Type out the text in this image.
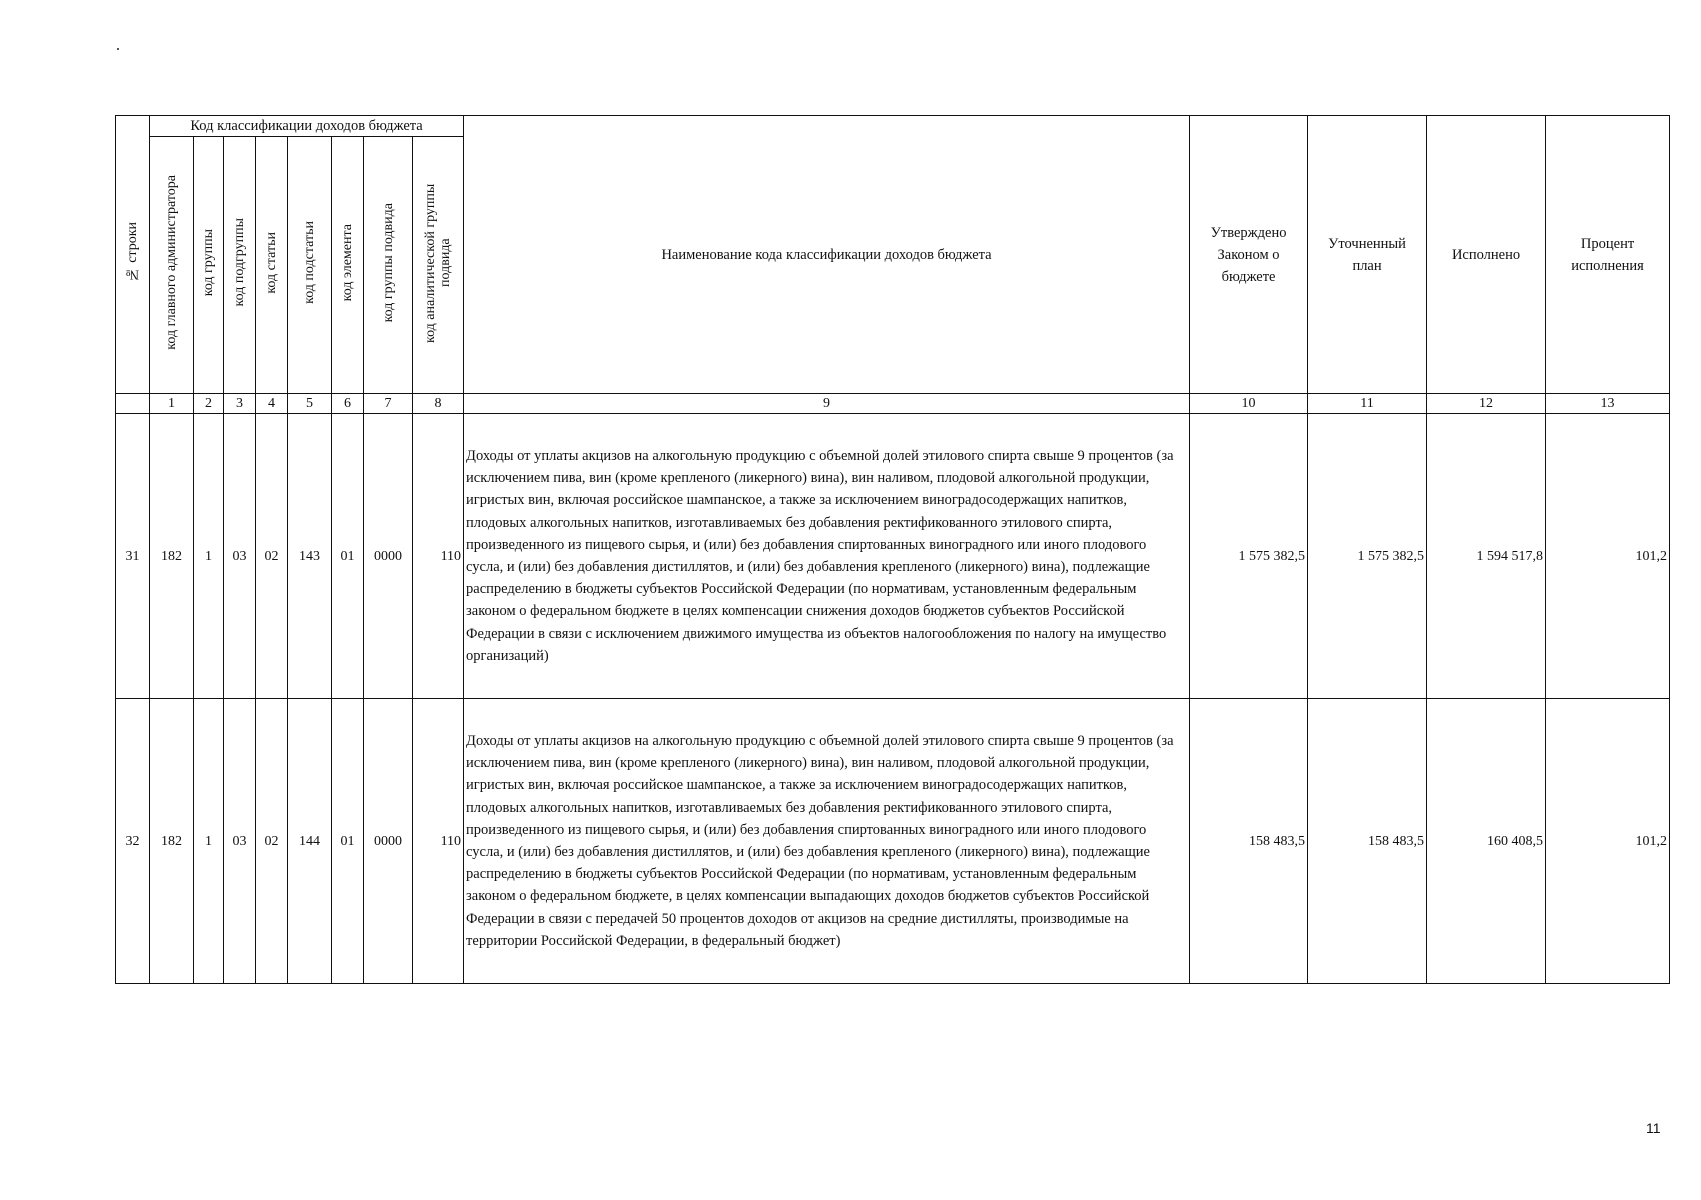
№ строки	Код классификации доходов бюджета								Наименование кода классификации доходов бюджета	Утверждено Законом о бюджете	Уточненный план	Исполнено	Процент исполнения

	код главного администратора	код группы	код подгруппы	код статьи	код подстатьи	код элемента	код группы подвида	код аналитической группы подвида					
	1	2	3	4	5	6	7	8	9	10	11	12	13
31	182	1	03	02	143	01	0000	110	Доходы от уплаты акцизов на алкогольную продукцию с объемной долей этилового спирта свыше 9 процентов (за исключением пива, вин (кроме крепленого (ликерного) вина), вин наливом, плодовой алкогольной продукции, игристых вин, включая российское шампанское, а также за исключением виноградосодержащих напитков, плодовых алкогольных напитков, изготавливаемых без добавления ректификованного этилового спирта, произведенного из пищевого сырья, и (или) без добавления спиртованных виноградного или иного плодового сусла, и (или) без добавления дистиллятов, и (или) без добавления крепленого (ликерного) вина), подлежащие распределению в бюджеты субъектов Российской Федерации (по нормативам, установленным федеральным законом о федеральном бюджете в целях компенсации снижения доходов бюджетов субъектов Российской Федерации в связи с исключением движимого имущества из объектов налогообложения по налогу на имущество организаций)	1 575 382,5	1 575 382,5	1 594 517,8	101,2
32	182	1	03	02	144	01	0000	110	Доходы от уплаты акцизов на алкогольную продукцию с объемной долей этилового спирта свыше 9 процентов (за исключением пива, вин (кроме крепленого (ликерного) вина), вин наливом, плодовой алкогольной продукции, игристых вин, включая российское шампанское, а также за исключением виноградосодержащих напитков, плодовых алкогольных напитков, изготавливаемых без добавления ректификованного этилового спирта, произведенного из пищевого сырья, и (или) без добавления спиртованных виноградного или иного плодового сусла, и (или) без добавления дистиллятов, и (или) без добавления крепленого (ликерного) вина), подлежащие распределению в бюджеты субъектов Российской Федерации (по нормативам, установленным федеральным законом о федеральном бюджете, в целях компенсации выпадающих доходов бюджетов субъектов Российской Федерации в связи с передачей 50 процентов доходов от акцизов на средние дистилляты, производимые на территории Российской Федерации, в федеральный бюджет)	158 483,5	158 483,5	160 408,5	101,2
11
